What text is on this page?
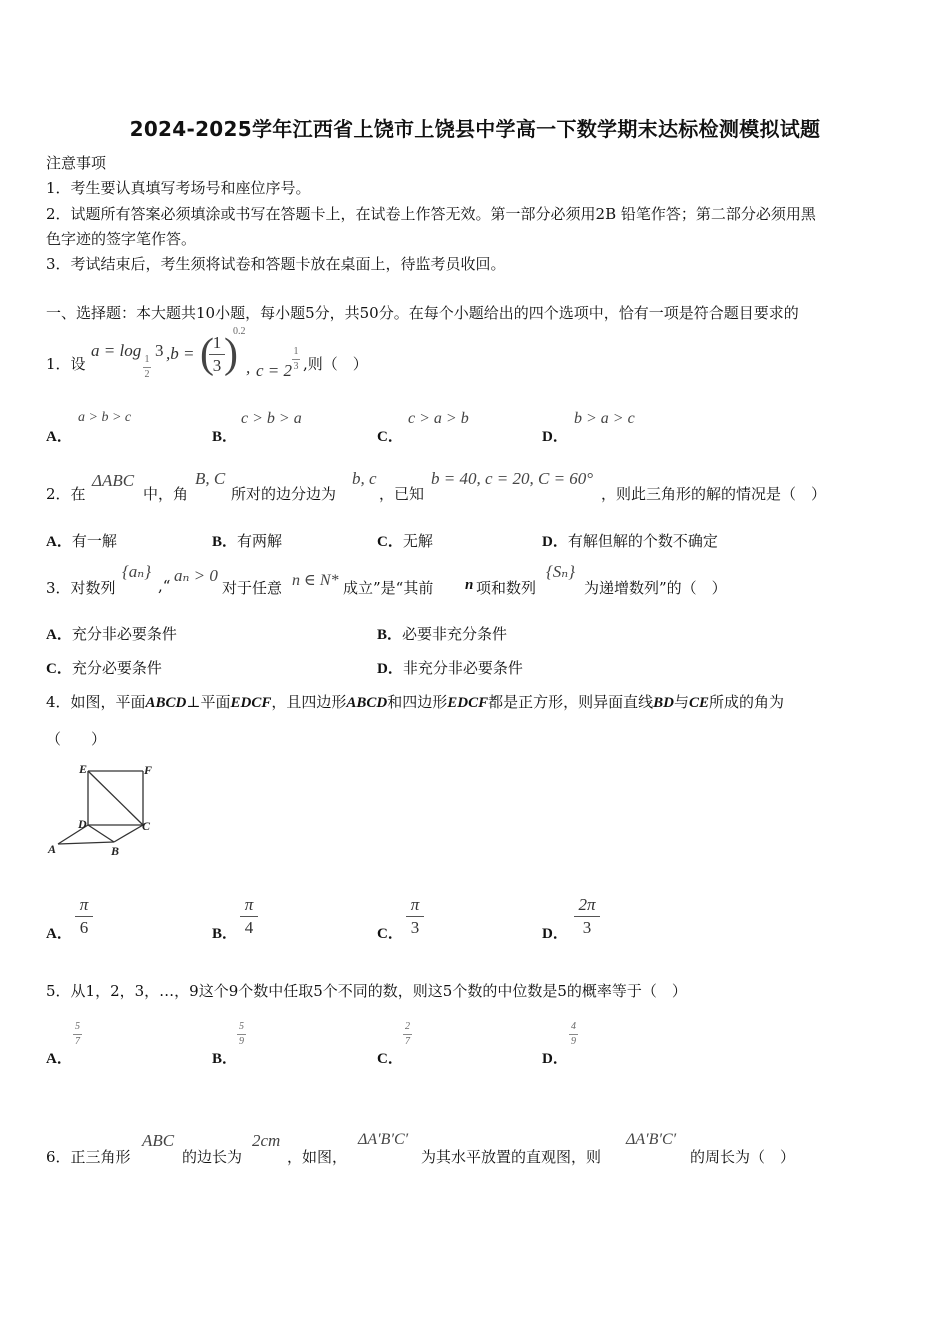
2024-2025学年江西省上饶市上饶县中学高一下数学期末达标检测模拟试题
注意事项
1．考生要认真填写考场号和座位序号。
2．试题所有答案必须填涂或书写在答题卡上，在试卷上作答无效。第一部分必须用2B 铅笔作答；第二部分必须用黑
色字迹的签字笔作答。
3．考试结束后，考生须将试卷和答题卡放在桌面上，待监考员收回。
一、选择题：本大题共10小题，每小题5分，共50分。在每个小题给出的四个选项中，恰有一项是符合题目要求的
1．设
a = log 1
2
3 ,b = (
1
3 )
0.2
, c = 2
1
3 ,则（　）
A．
a > b > c
B．
c > b > a
C．
c > a > b
D．
b > a > c
2．在
ΔABC
中，角
B, C
所对的边分边为
b, c
，已知
b = 40, c = 20, C = 60°
，则此三角形的解的情况是（　）
A．有一解	B．有两解	C．无解	D．有解但解的个数不确定
3．对数列
{aₙ}
,“
aₙ > 0
对于任意 n ∈ N* 成立”是“其前 n 项和数列
{Sₙ}
为递增数列”的（　）
A．充分非必要条件	B．必要非充分条件
C．充分必要条件	D．非充分非必要条件
4．如图，平面ABCD⊥平面EDCF，且四边形ABCD和四边形EDCF都是正方形，则异面直线BD与CE所成的角为
（　　）
E	F
D	C
A	B
A．
π
6	B．
π
4	C．
π
3	D．
2π
3
5．从1，2，3，…，9这个9个数中任取5个不同的数，则这5个数的中位数是5的概率等于（　）
A．
5
7
B．
5
9
C．
2
7
D．
4
9
6．正三角形
ABC
的边长为
2cm
，如图，
ΔA′B′C′
为其水平放置的直观图，则
ΔA′B′C′
的周长为（　）
